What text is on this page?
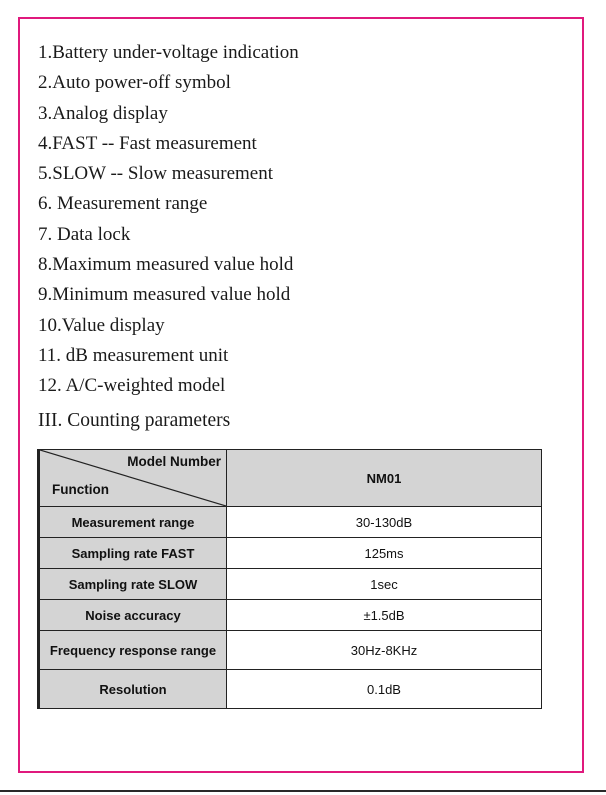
1.Battery under-voltage indication
2.Auto power-off symbol
3.Analog display
4.FAST -- Fast measurement
5.SLOW -- Slow measurement
6. Measurement range
7. Data lock
8.Maximum measured value hold
9.Minimum measured value hold
10.Value display
11. dB measurement unit
12. A/C-weighted model
III. Counting parameters
Model Number
Function	NM01
Measurement range	30-130dB
Sampling rate FAST	125ms
Sampling rate SLOW	1sec
Noise accuracy	±1.5dB
Frequency response range	30Hz-8KHz
Resolution	0.1dB
